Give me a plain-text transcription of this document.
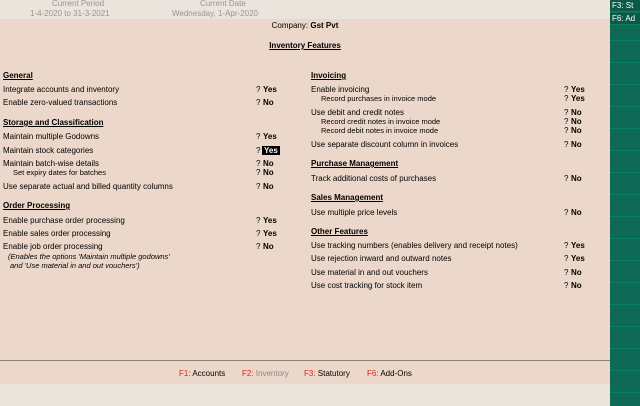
Current Period
1-4-2020 to 31-3-2021
Current Date
Wednesday, 1-Apr-2020
Company: Gst Pvt
Inventory Features
General
Integrate accounts and inventory	? Yes
Enable zero-valued transactions	? No
Storage and Classification
Maintain multiple Godowns	? Yes
Maintain stock categories	? Yes
Maintain batch-wise details	? No
Set expiry dates for batches	? No
Use separate actual and billed quantity columns	? No
Order Processing
Enable purchase order processing	? Yes
Enable sales order processing	? Yes
Enable job order processing	? No
(Enables the options 'Maintain multiple godowns'
and 'Use material in and out vouchers')
Invoicing
Enable invoicing	? Yes
Record purchases in invoice mode	? Yes
Use debit and credit notes	? No
Record credit notes in invoice mode	? No
Record debit notes in invoice mode	? No
Use separate discount column in invoices	? No
Purchase Management
Track additional costs of purchases	? No
Sales Management
Use multiple price levels	? No
Other Features
Use tracking numbers (enables delivery and receipt notes)	? Yes
Use rejection inward and outward notes	? Yes
Use material in and out vouchers	? No
Use cost tracking for stock item	? No
F1: Accounts F2: Inventory F3: Statutory F6: Add-Ons
F3: St
F6: Ad
